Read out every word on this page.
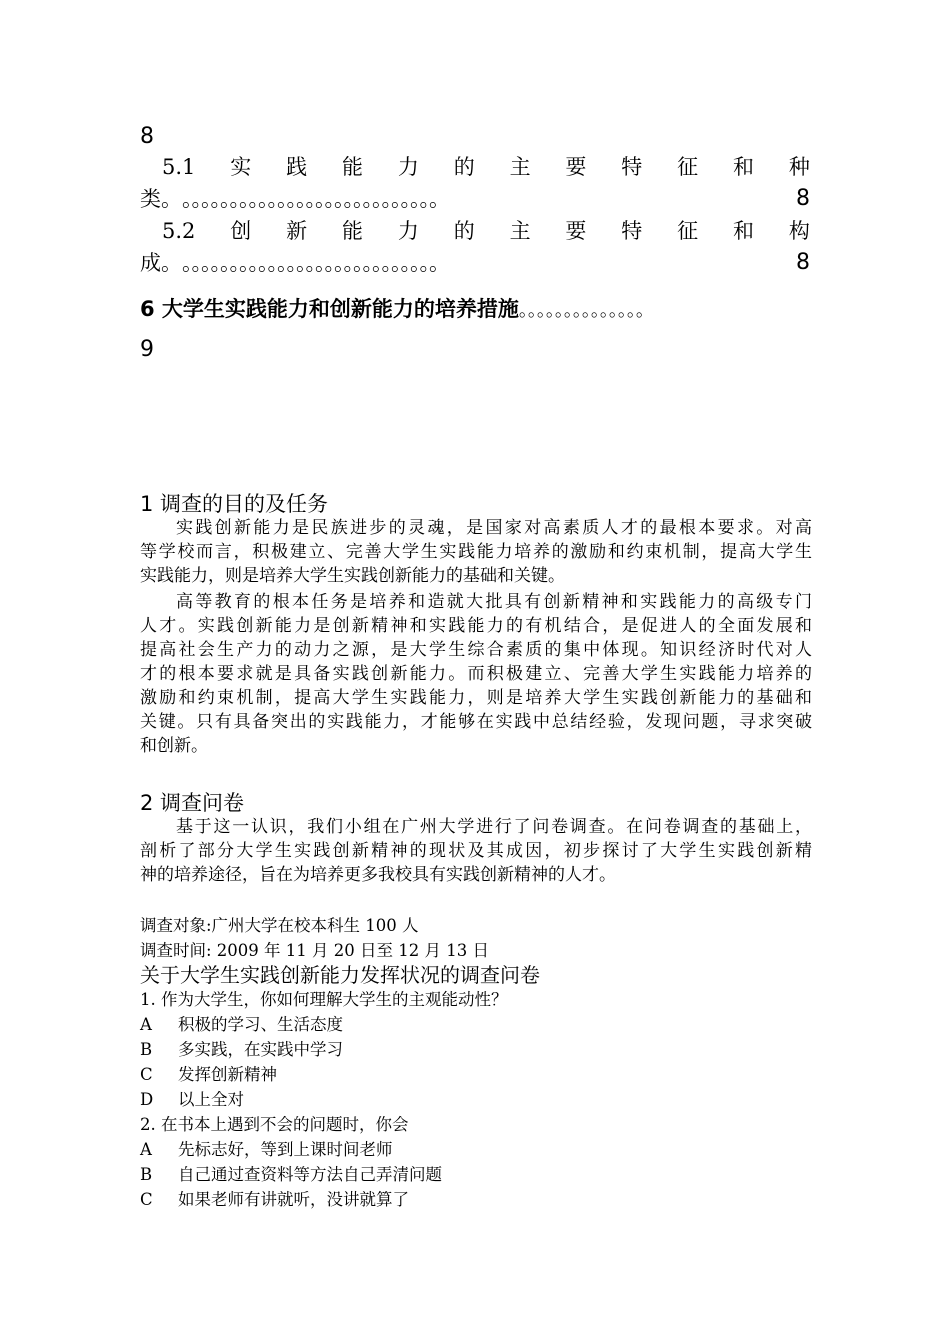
8
5.1 实 践 能 力 的 主 要 特 征 和 种
类。 。。。。。。。。。。。。。。。。。。。。。。。。。。。	8
5.2 创 新 能 力 的 主 要 特 征 和 构
成。 。。。。。。。。。。。。。。。。。。。。。。。。。。。	8
6 大学生实践能力和创新能力的培养措施。。。。。。。。。。。。。。
9
1 调查的目的及任务
实践创新能力是民族进步的灵魂，是国家对高素质人才的最根本要求。对高
等学校而言，积极建立、完善大学生实践能力培养的激励和约束机制，提高大学生
实践能力，则是培养大学生实践创新能力的基础和关键。
高等教育的根本任务是培养和造就大批具有创新精神和实践能力的高级专门
人才。实践创新能力是创新精神和实践能力的有机结合，是促进人的全面发展和
提高社会生产力的动力之源，是大学生综合素质的集中体现。知识经济时代对人
才的根本要求就是具备实践创新能力。而积极建立、完善大学生实践能力培养的
激励和约束机制，提高大学生实践能力，则是培养大学生实践创新能力的基础和
关键。只有具备突出的实践能力，才能够在实践中总结经验，发现问题，寻求突破
和创新。
2 调查问卷
基于这一认识，我们小组在广州大学进行了问卷调查。在问卷调查的基础上，
剖析了部分大学生实践创新精神的现状及其成因，初步探讨了大学生实践创新精
神的培养途径，旨在为培养更多我校具有实践创新精神的人才。
调查对象:广州大学在校本科生 100 人
调查时间: 2009 年 11 月 20 日至 12 月 13 日
关于大学生实践创新能力发挥状况的调查问卷
1. 作为大学生，你如何理解大学生的主观能动性？
A 积极的学习、生活态度
B 多实践，在实践中学习
C 发挥创新精神
D 以上全对
2. 在书本上遇到不会的问题时，你会
A 先标志好，等到上课时间老师
B 自己通过查资料等方法自己弄清问题
C 如果老师有讲就听，没讲就算了
